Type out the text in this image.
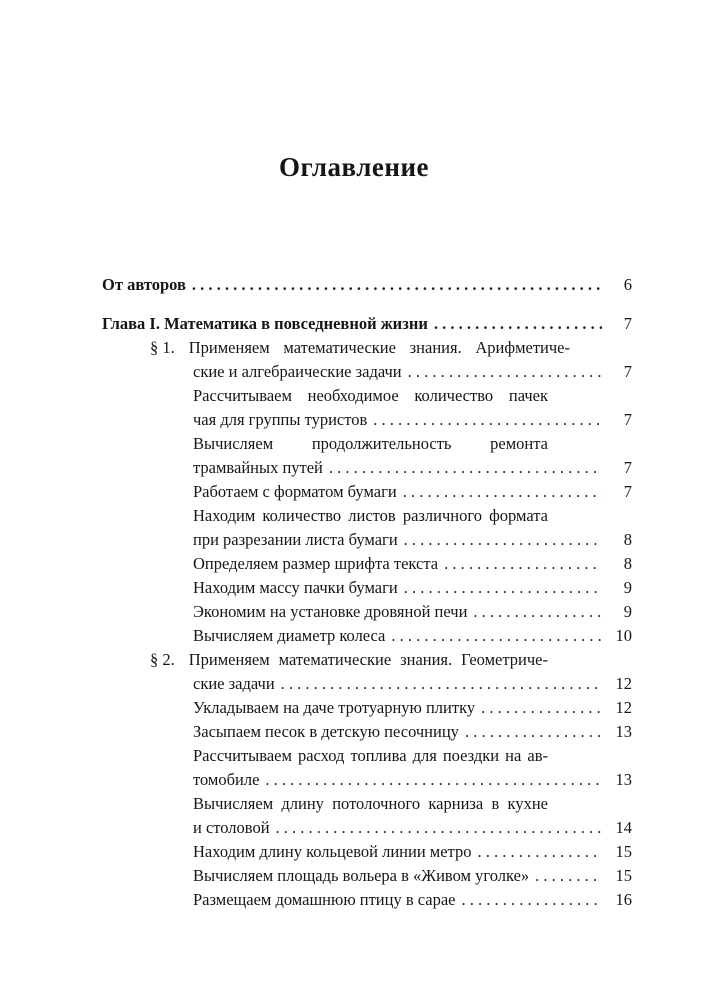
Оглавление
От авторов . . .	6
Глава I. Математика в повседневной жизни . . .	7
§ 1. Применяем математические знания. Арифметиче-
ские и алгебраические задачи . . .	7
Рассчитываем необходимое количество пачек
чая для группы туристов . . .	7
Вычисляем продолжительность ремонта
трамвайных путей . . .	7
Работаем с форматом бумаги . . .	7
Находим количество листов различного формата
при разрезании листа бумаги . . .	8
Определяем размер шрифта текста . . .	8
Находим массу пачки бумаги . . .	9
Экономим на установке дровяной печи . . .	9
Вычисляем диаметр колеса . . .	10
§ 2. Применяем математические знания. Геометриче-
ские задачи . . .	12
Укладываем на даче тротуарную плитку . . .	12
Засыпаем песок в детскую песочницу . . .	13
Рассчитываем расход топлива для поездки на ав-
томобиле . . .	13
Вычисляем длину потолочного карниза в кухне
и столовой . . .	14
Находим длину кольцевой линии метро . . .	15
Вычисляем площадь вольера в «Живом уголке» . . .	15
Размещаем домашнюю птицу в сарае . . .	16
